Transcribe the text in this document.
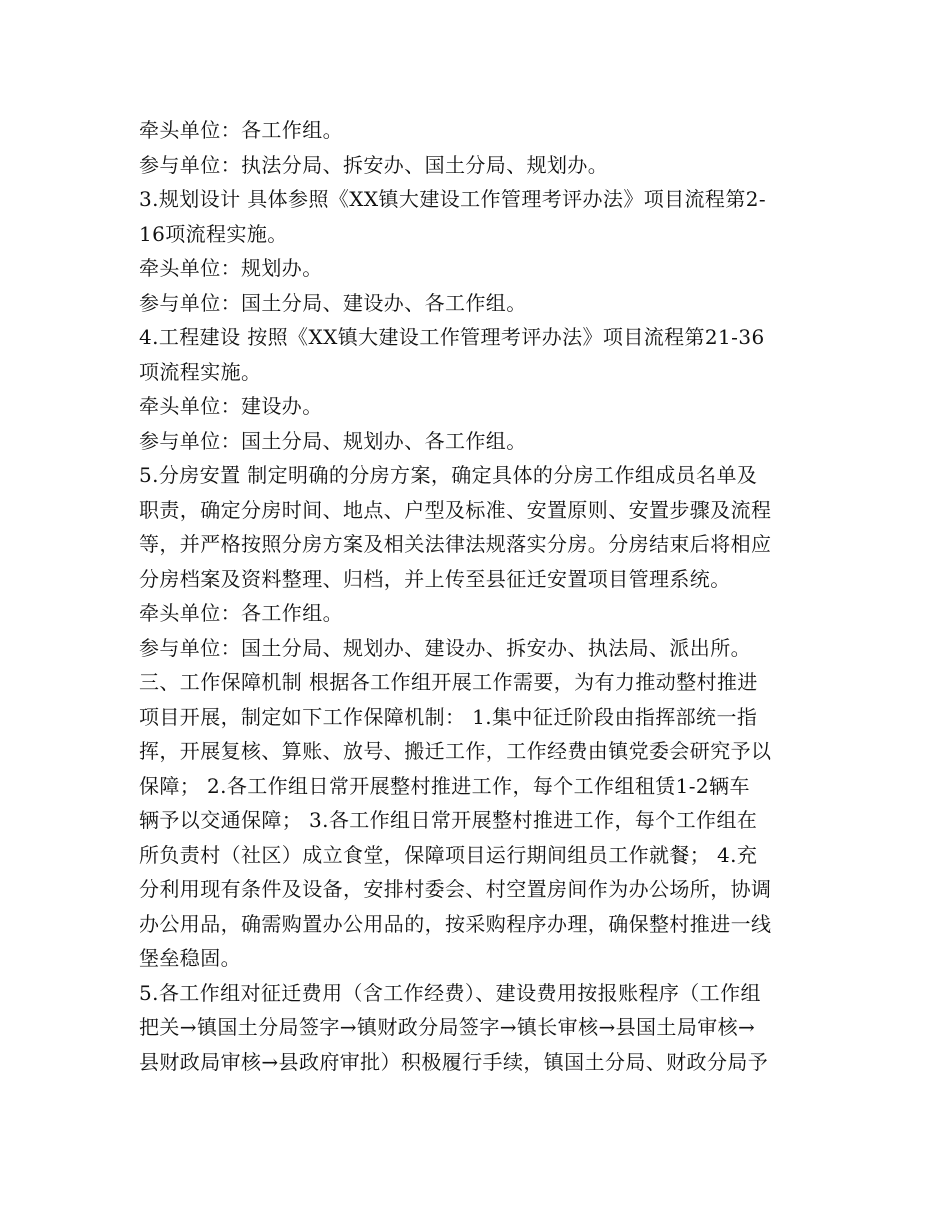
牵头单位：各工作组。
参与单位：执法分局、拆安办、国土分局、规划办。
3.规划设计 具体参照《XX镇大建设工作管理考评办法》项目流程第2-
16项流程实施。
牵头单位：规划办。
参与单位：国土分局、建设办、各工作组。
4.工程建设 按照《XX镇大建设工作管理考评办法》项目流程第21-36
项流程实施。
牵头单位：建设办。
参与单位：国土分局、规划办、各工作组。
5.分房安置 制定明确的分房方案，确定具体的分房工作组成员名单及
职责，确定分房时间、地点、户型及标准、安置原则、安置步骤及流程
等，并严格按照分房方案及相关法律法规落实分房。分房结束后将相应
分房档案及资料整理、归档，并上传至县征迁安置项目管理系统。
牵头单位：各工作组。
参与单位：国土分局、规划办、建设办、拆安办、执法局、派出所。
三、工作保障机制 根据各工作组开展工作需要，为有力推动整村推进
项目开展，制定如下工作保障机制： 1.集中征迁阶段由指挥部统一指
挥，开展复核、算账、放号、搬迁工作，工作经费由镇党委会研究予以
保障； 2.各工作组日常开展整村推进工作，每个工作组租赁1-2辆车
辆予以交通保障； 3.各工作组日常开展整村推进工作，每个工作组在
所负责村（社区）成立食堂，保障项目运行期间组员工作就餐； 4.充
分利用现有条件及设备，安排村委会、村空置房间作为办公场所，协调
办公用品，确需购置办公用品的，按采购程序办理，确保整村推进一线
堡垒稳固。
5.各工作组对征迁费用（含工作经费）、建设费用按报账程序（工作组
把关→镇国土分局签字→镇财政分局签字→镇长审核→县国土局审核→
县财政局审核→县政府审批）积极履行手续，镇国土分局、财政分局予
